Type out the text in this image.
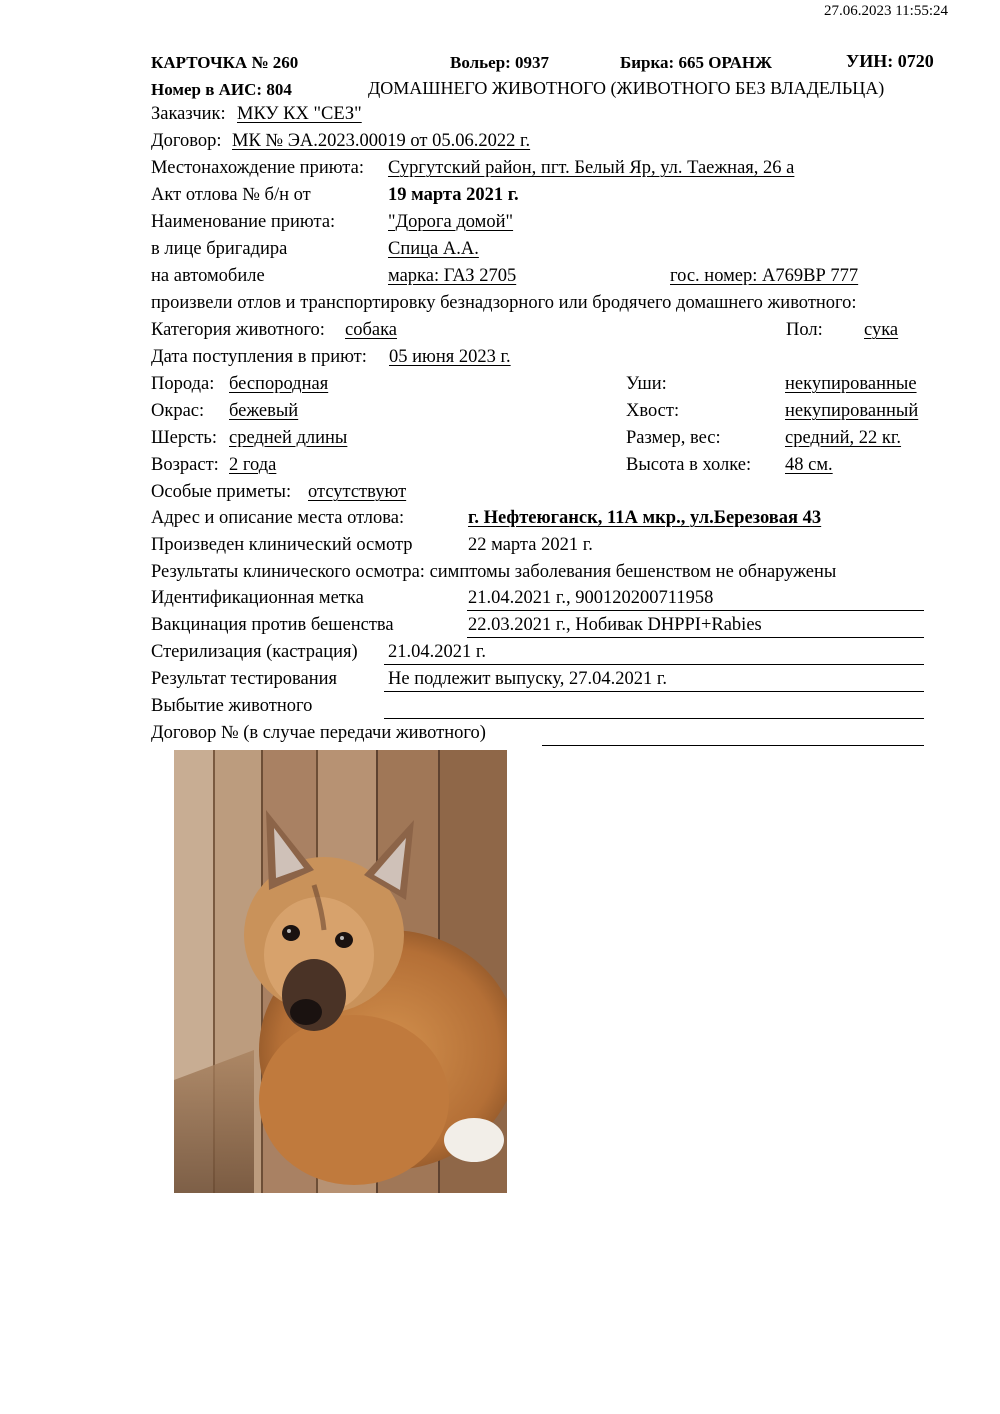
27.06.2023 11:55:24
КАРТОЧКА № 260	Вольер: 0937	Бирка: 665 ОРАНЖ	УИН: 0720
Номер в АИС: 804	ДОМАШНЕГО ЖИВОТНОГО (ЖИВОТНОГО БЕЗ ВЛАДЕЛЬЦА)
Заказчик: МКУ КХ "СЕЗ"
Договор: МК № ЭА.2023.00019 от 05.06.2022 г.
Местонахождение приюта: Сургутский район, пгт. Белый Яр, ул. Таежная, 26 а
Акт отлова № б/н от	19 марта 2021 г.
Наименование приюта:	"Дорога домой"
в лице бригадира	Спица А.А.
на автомобиле	марка: ГАЗ 2705	гос. номер: А769ВР 777
произвели отлов и транспортировку безнадзорного или бродячего домашнего животного:
Категория животного: собака	Пол: сука
Дата поступления в приют: 05 июня 2023 г.
Порода: беспородная	Уши:	некупированные
Окрас: бежевый	Хвост:	некупированный
Шерсть: средней длины	Размер, вес:	средний, 22 кг.
Возраст: 2 года	Высота в холке: 48 см.
Особые приметы: отсутствуют
Адрес и описание места отлова:	г. Нефтеюганск, 11А мкр., ул.Березовая 43
Произведен клинический осмотр	22 марта 2021 г.
Результаты клинического осмотра: симптомы заболевания бешенством не обнаружены
Идентификационная метка	21.04.2021 г., 900120200711958
Вакцинация против бешенства	22.03.2021 г., Нобивак DHPPI+Rabies
Стерилизация (кастрация) 21.04.2021 г.
Результат тестирования	Не подлежит выпуску, 27.04.2021 г.
Выбытие животного
Договор № (в случае передачи животного)
